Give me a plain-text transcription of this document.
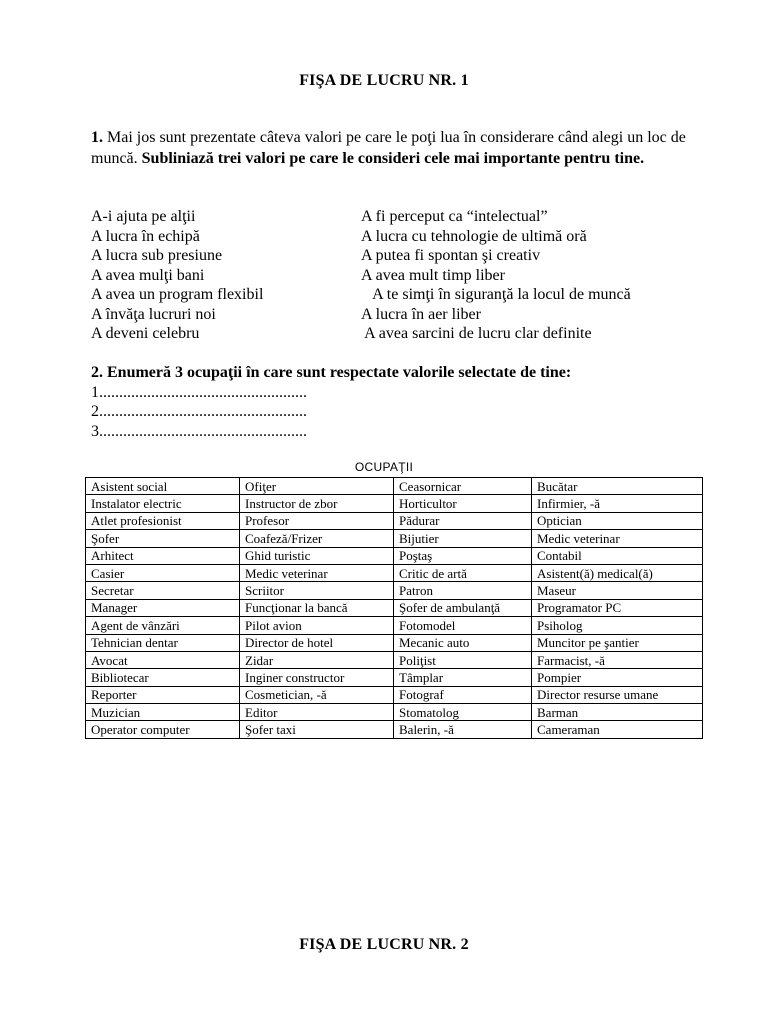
FIŞA DE LUCRU NR. 1
1. Mai jos sunt prezentate câteva valori pe care le poţi lua în considerare când alegi un loc de muncă. Subliniază trei valori pe care le consideri cele mai importante pentru tine.
A-i ajuta pe alţii	A fi perceput ca “intelectual”
A lucra în echipă	A lucra cu tehnologie de ultimă oră
A lucra sub presiune	A putea fi spontan şi creativ
A avea mulţi bani	A avea mult timp liber
A avea un program flexibil	A te simţi în siguranţă la locul de muncă
A învăţa lucruri noi	A lucra în aer liber
A deveni celebru	A avea sarcini de lucru clar definite
2. Enumeră 3 ocupaţii în care sunt respectate valorile selectate de tine:
1....................................................
2....................................................
3....................................................
OCUPAŢII
Asistent social	Ofiţer	Ceasornicar	Bucătar
Instalator electric	Instructor de zbor	Horticultor	Infirmier, -ă
Atlet profesionist	Profesor	Pădurar	Optician
Şofer	Coafeză/Frizer	Bijutier	Medic veterinar
Arhitect	Ghid turistic	Poştaş	Contabil
Casier	Medic veterinar	Critic de artă	Asistent(ă) medical(ă)
Secretar	Scriitor	Patron	Maseur
Manager	Funcţionar la bancă	Şofer de ambulanţă	Programator PC
Agent de vânzări	Pilot avion	Fotomodel	Psiholog
Tehnician dentar	Director de hotel	Mecanic auto	Muncitor pe şantier
Avocat	Zidar	Poliţist	Farmacist, -ă
Bibliotecar	Inginer constructor	Tâmplar	Pompier
Reporter	Cosmetician, -ă	Fotograf	Director resurse umane
Muzician	Editor	Stomatolog	Barman
Operator computer	Şofer taxi	Balerin, -ă	Cameraman
FIŞA DE LUCRU NR. 2
